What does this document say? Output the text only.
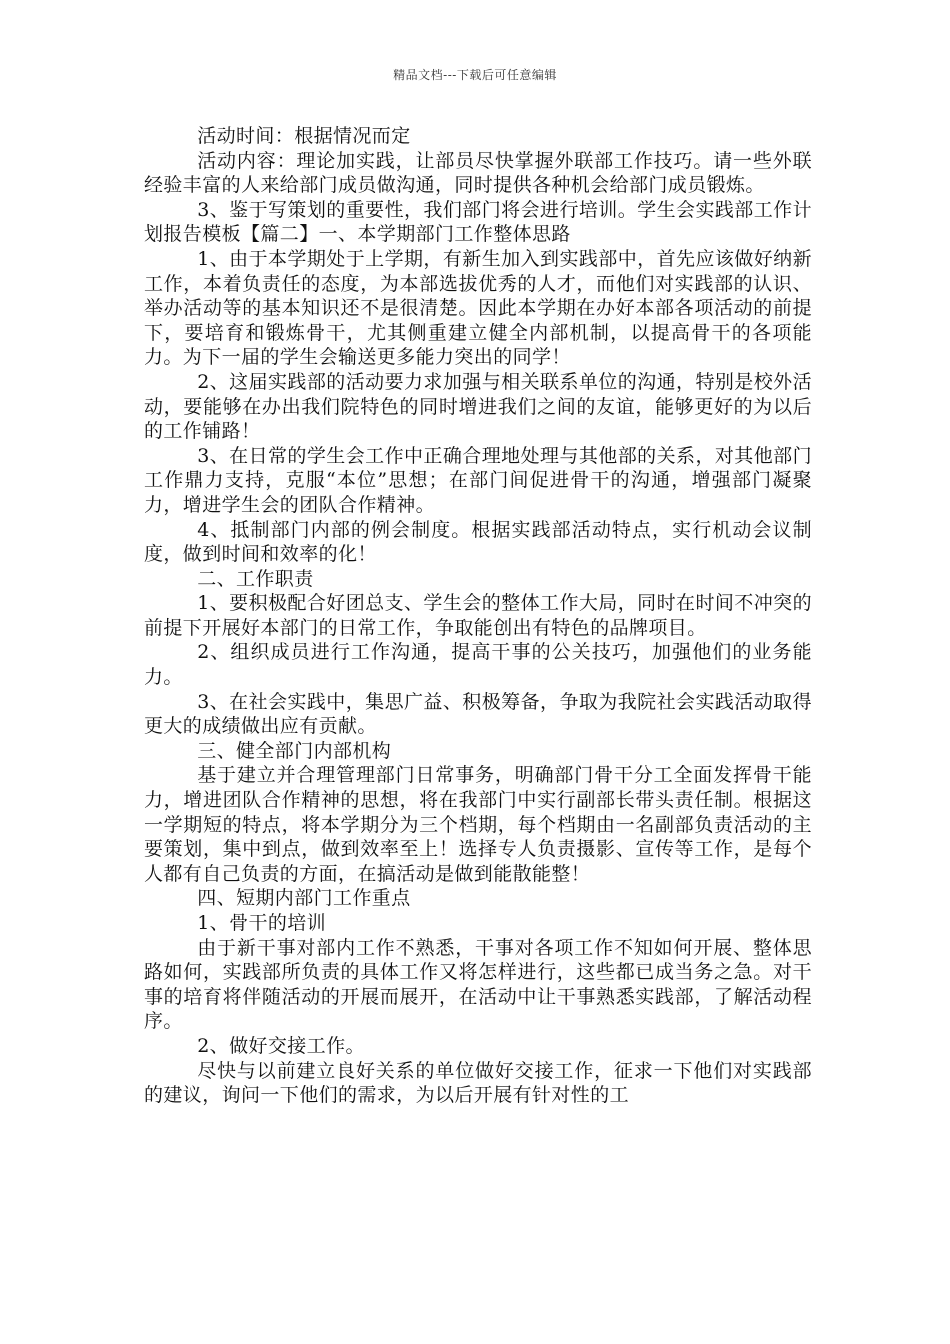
精品文档---下载后可任意编辑

活动时间：根据情况而定

活动内容：理论加实践，让部员尽快掌握外联部工作技巧。请一些外联经验丰富的人来给部门成员做沟通，同时提供各种机会给部门成员锻炼。

3、鉴于写策划的重要性，我们部门将会进行培训。学生会实践部工作计划报告模板【篇二】一、本学期部门工作整体思路

1、由于本学期处于上学期，有新生加入到实践部中，首先应该做好纳新工作，本着负责任的态度，为本部选拔优秀的人才，而他们对实践部的认识、举办活动等的基本知识还不是很清楚。因此本学期在办好本部各项活动的前提下，要培育和锻炼骨干，尤其侧重建立健全内部机制，以提高骨干的各项能力。为下一届的学生会输送更多能力突出的同学！

2、这届实践部的活动要力求加强与相关联系单位的沟通，特别是校外活动，要能够在办出我们院特色的同时增进我们之间的友谊，能够更好的为以后的工作铺路！

3、在日常的学生会工作中正确合理地处理与其他部的关系，对其他部门工作鼎力支持，克服“本位”思想；在部门间促进骨干的沟通，增强部门凝聚力，增进学生会的团队合作精神。

4、抵制部门内部的例会制度。根据实践部活动特点，实行机动会议制度，做到时间和效率的化！

二、工作职责

1、要积极配合好团总支、学生会的整体工作大局，同时在时间不冲突的前提下开展好本部门的日常工作，争取能创出有特色的品牌项目。

2、组织成员进行工作沟通，提高干事的公关技巧，加强他们的业务能力。

3、在社会实践中，集思广益、积极筹备，争取为我院社会实践活动取得更大的成绩做出应有贡献。

三、健全部门内部机构

基于建立并合理管理部门日常事务，明确部门骨干分工全面发挥骨干能力，增进团队合作精神的思想，将在我部门中实行副部长带头责任制。根据这一学期短的特点，将本学期分为三个档期，每个档期由一名副部负责活动的主要策划，集中到点，做到效率至上！选择专人负责摄影、宣传等工作，是每个人都有自己负责的方面，在搞活动是做到能散能整！

四、短期内部门工作重点

1、骨干的培训

由于新干事对部内工作不熟悉，干事对各项工作不知如何开展、整体思路如何，实践部所负责的具体工作又将怎样进行，这些都已成当务之急。对干事的培育将伴随活动的开展而展开，在活动中让干事熟悉实践部，了解活动程序。

2、做好交接工作。

尽快与以前建立良好关系的单位做好交接工作，征求一下他们对实践部的建议，询问一下他们的需求，为以后开展有针对性的工
